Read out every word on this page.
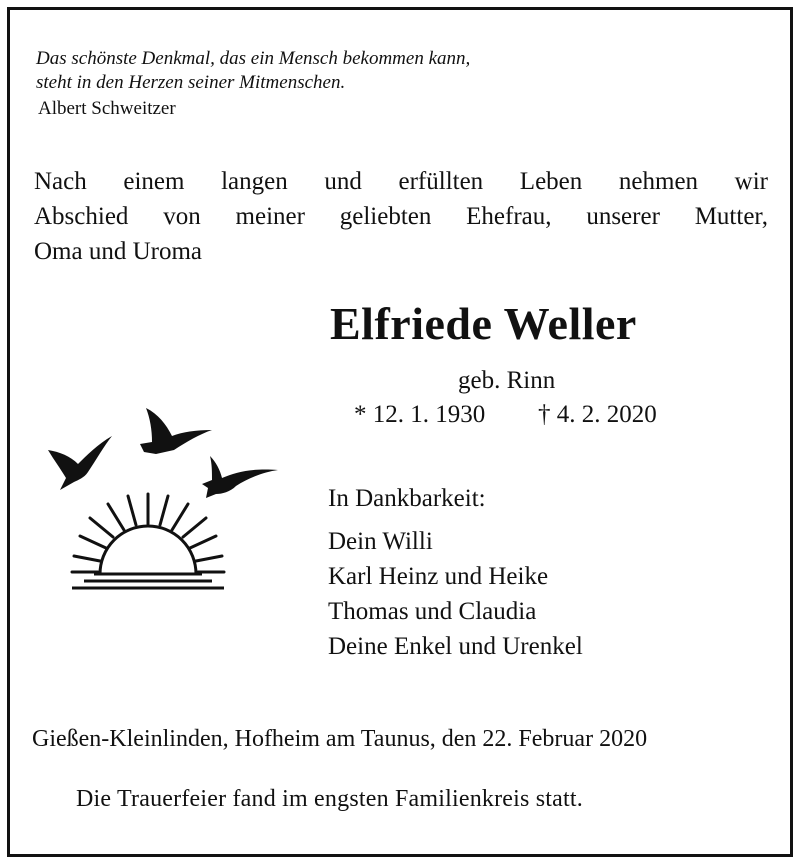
Das schönste Denkmal, das ein Mensch bekommen kann,
steht in den Herzen seiner Mitmenschen.
Albert Schweitzer
Nach einem langen und erfüllten Leben nehmen wir
Abschied von meiner geliebten Ehefrau, unserer Mutter,
Oma und Uroma
Elfriede Weller
geb. Rinn
* 12. 1. 1930 † 4. 2. 2020
In Dankbarkeit:
Dein Willi
Karl Heinz und Heike
Thomas und Claudia
Deine Enkel und Urenkel
Gießen-Kleinlinden, Hofheim am Taunus, den 22. Februar 2020
Die Trauerfeier fand im engsten Familienkreis statt.
